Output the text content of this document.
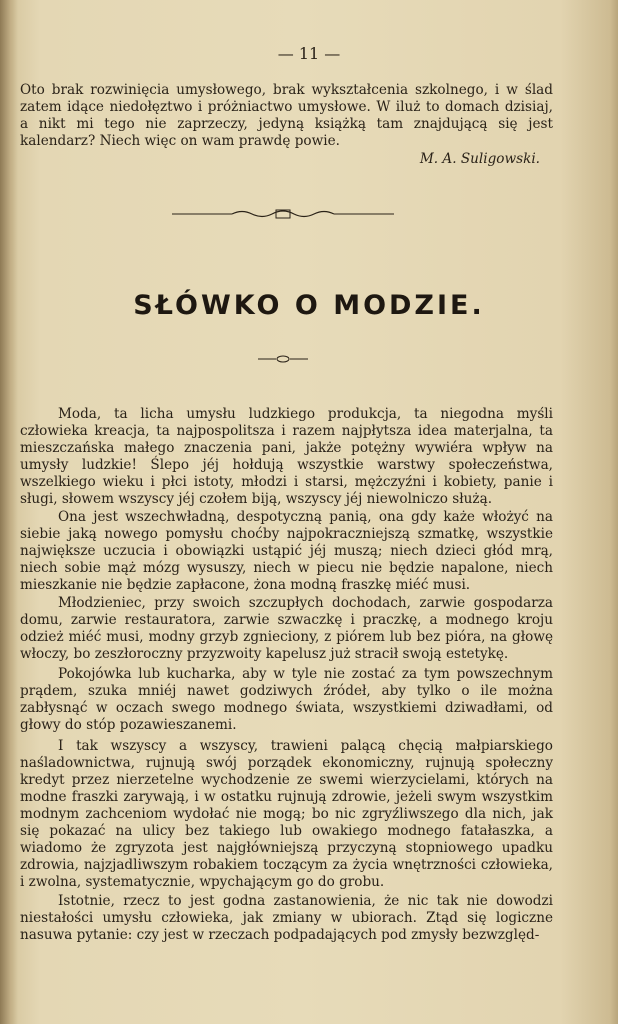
— 11 —
Oto brak rozwinięcia umysłowego, brak wykształcenia szkolnego, i w ślad zatem idące niedołęztwo i próżniactwo umysłowe. W iluż to domach dzisiaj, a nikt mi tego nie zaprzeczy, jedyną książką tam znajdującą się jest kalendarz? Niech więc on wam prawdę powie.
M. A. Suligowski.
SŁÓWKO O MODZIE.
Moda, ta licha umysłu ludzkiego produkcja, ta niegodna myśli człowieka kreacja, ta najpospolitsza i razem najpłytsza idea materjalna, ta mieszczańska małego znaczenia pani, jakże potężny wywiéra wpływ na umysły ludzkie! Ślepo jéj hołdują wszystkie warstwy społeczeństwa, wszelkiego wieku i płci istoty, młodzi i starsi, mężczyźni i kobiety, panie i sługi, słowem wszyscy jéj czołem biją, wszyscy jéj niewolniczo służą.
Ona jest wszechwładną, despotyczną panią, ona gdy każe włożyć na siebie jaką nowego pomysłu choćby najpokraczniejszą szmatkę, wszystkie największe uczucia i obowiązki ustąpić jéj muszą; niech dzieci głód mrą, niech sobie mąż mózg wysuszy, niech w piecu nie będzie napalone, niech mieszkanie nie będzie zapłacone, żona modną fraszkę miéć musi.
Młodzieniec, przy swoich szczupłych dochodach, zarwie gospodarza domu, zarwie restauratora, zarwie szwaczkę i praczkę, a modnego kroju odzież miéć musi, modny grzyb zgnieciony, z piórem lub bez pióra, na głowę włoczy, bo zeszłoroczny przyzwoity kapelusz już stracił swoją estetykę.
Pokojówka lub kucharka, aby w tyle nie zostać za tym powszechnym prądem, szuka mniéj nawet godziwych źródeł, aby tylko o ile można zabłysnąć w oczach swego modnego świata, wszystkiemi dziwadłami, od głowy do stóp pozawieszanemi.
I tak wszyscy a wszyscy, trawieni palącą chęcią małpiarskiego naśladownictwa, rujnują swój porządek ekonomiczny, rujnują społeczny kredyt przez nierzetelne wychodzenie ze swemi wierzycielami, których na modne fraszki zarywają, i w ostatku rujnują zdrowie, jeżeli swym wszystkim modnym zachceniom wydołać nie mogą; bo nic zgryźliwszego dla nich, jak się pokazać na ulicy bez takiego lub owakiego modnego fatałaszka, a wiadomo że zgryzota jest najgłówniejszą przyczyną stopniowego upadku zdrowia, najzjadliwszym robakiem toczącym za życia wnętrzności człowieka, i zwolna, systematycznie, wpychającym go do grobu.
Istotnie, rzecz to jest godna zastanowienia, że nic tak nie dowodzi niestałości umysłu człowieka, jak zmiany w ubiorach. Ztąd się logiczne nasuwa pytanie: czy jest w rzeczach podpadających pod zmysły bezwzględ-
